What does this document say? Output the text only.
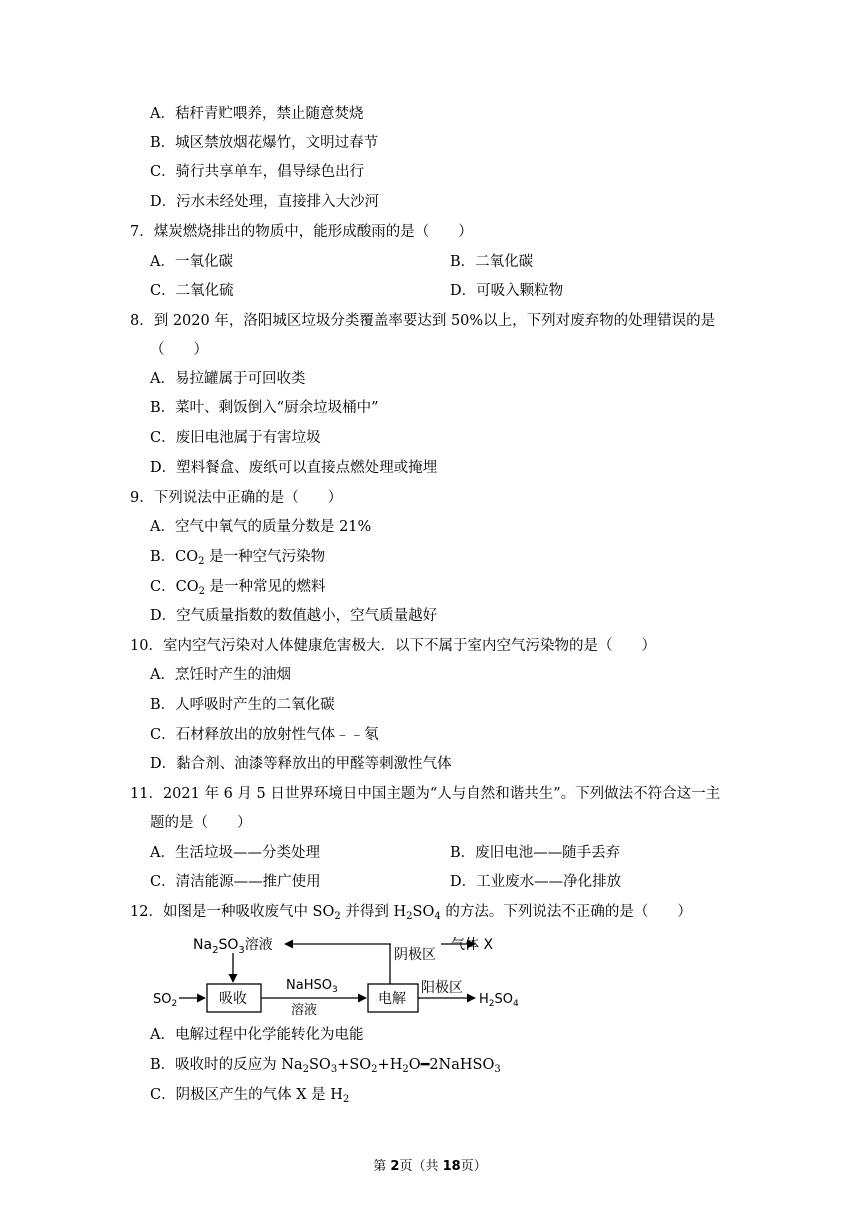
A．秸秆青贮喂养，禁止随意焚烧
B．城区禁放烟花爆竹，文明过春节
C．骑行共享单车，倡导绿色出行
D．污水未经处理，直接排入大沙河
7．煤炭燃烧排出的物质中，能形成酸雨的是（　　）
A．一氧化碳	B．二氧化碳
C．二氧化硫	D．可吸入颗粒物
8．到 2020 年，洛阳城区垃圾分类覆盖率要达到 50%以上，下列对废弃物的处理错误的是
（　　）
A．易拉罐属于可回收类
B．菜叶、剩饭倒入“厨余垃圾桶中”
C．废旧电池属于有害垃圾
D．塑料餐盒、废纸可以直接点燃处理或掩埋
9．下列说法中正确的是（　　）
A．空气中氧气的质量分数是 21%
B．$CO_2$ 是一种空气污染物
C．$CO_2$ 是一种常见的燃料
D．空气质量指数的数值越小，空气质量越好
10．室内空气污染对人体健康危害极大．以下不属于室内空气污染物的是（　　）
A．烹饪时产生的油烟
B．人呼吸时产生的二氧化碳
C．石材释放出的放射性气体﹣﹣氡
D．黏合剂、油漆等释放出的甲醛等刺激性气体
11．2021 年 6 月 5 日世界环境日中国主题为“人与自然和谐共生”。下列做法不符合这一主
题的是（　　）
A．生活垃圾——分类处理	B．废旧电池——随手丢弃
C．清洁能源——推广使用	D．工业废水——净化排放
12．如图是一种吸收废气中 $SO_2$ 并得到 $H_2SO_4$ 的方法。下列说法不正确的是（　　）
$Na_2SO_3$溶液
阴极区
气体 X
$SO_2$	吸收
NaHSO$_3$
溶液
电解
阳极区
$H_2SO_4$
A．电解过程中化学能转化为电能
B．吸收时的反应为 $Na_2SO_3+SO_2+H_2O━2NaHSO_3$
C．阴极区产生的气体 X 是 $H_2$
第 2页（共 18页）
